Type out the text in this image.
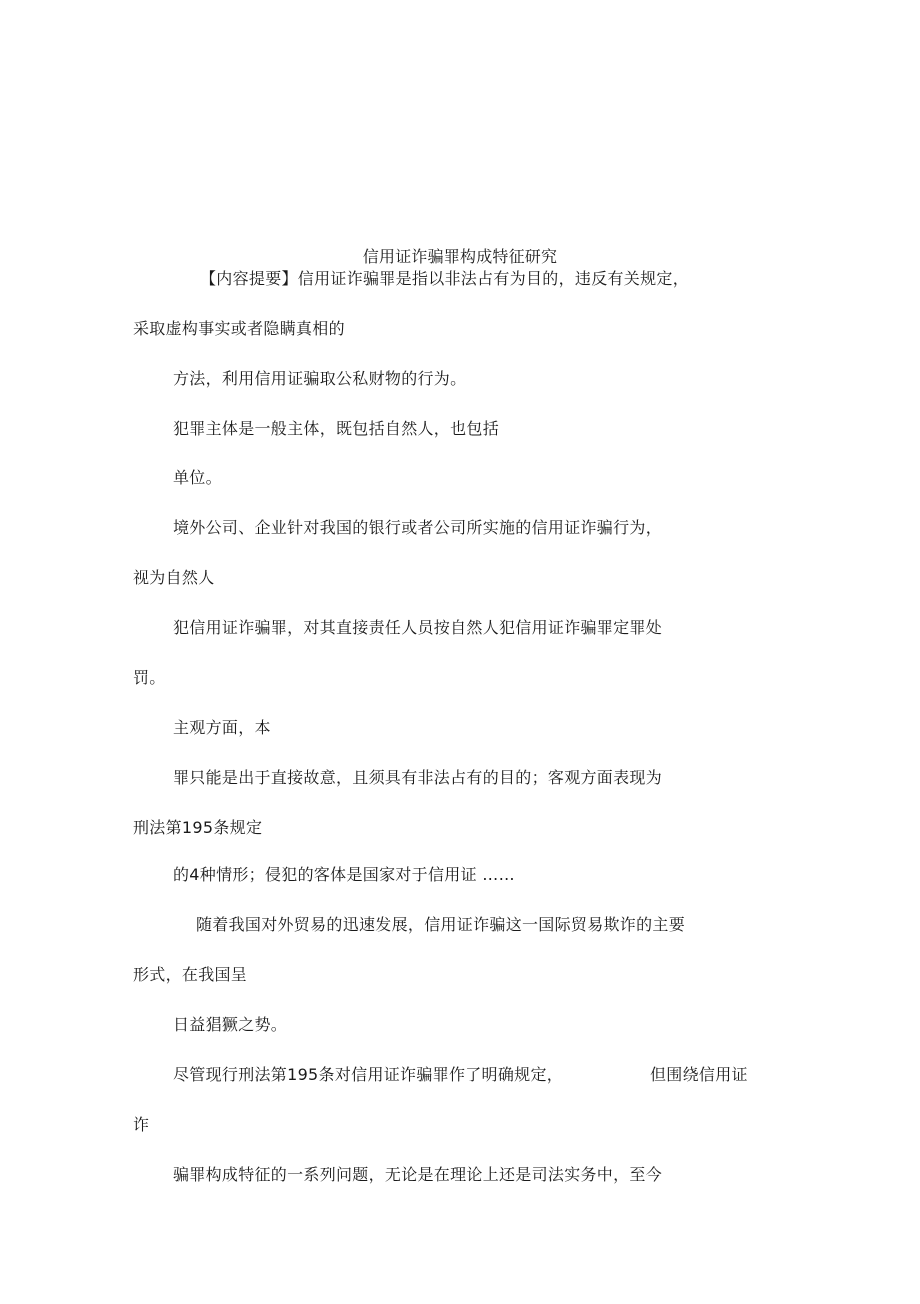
信用证诈骗罪构成特征研究
【内容提要】信用证诈骗罪是指以非法占有为目的，违反有关规定，
采取虚构事实或者隐瞒真相的
方法，利用信用证骗取公私财物的行为。
犯罪主体是一般主体，既包括自然人，也包括
单位。
境外公司、企业针对我国的银行或者公司所实施的信用证诈骗行为，
视为自然人
犯信用证诈骗罪，对其直接责任人员按自然人犯信用证诈骗罪定罪处
罚。
主观方面，本
罪只能是出于直接故意，且须具有非法占有的目的；客观方面表现为
刑法第195条规定
的4种情形；侵犯的客体是国家对于信用证 ……
随着我国对外贸易的迅速发展，信用证诈骗这一国际贸易欺诈的主要
形式，在我国呈
日益猖獗之势。
尽管现行刑法第195条对信用证诈骗罪作了明确规定，	但围绕信用证
诈
骗罪构成特征的一系列问题，无论是在理论上还是司法实务中，至今
